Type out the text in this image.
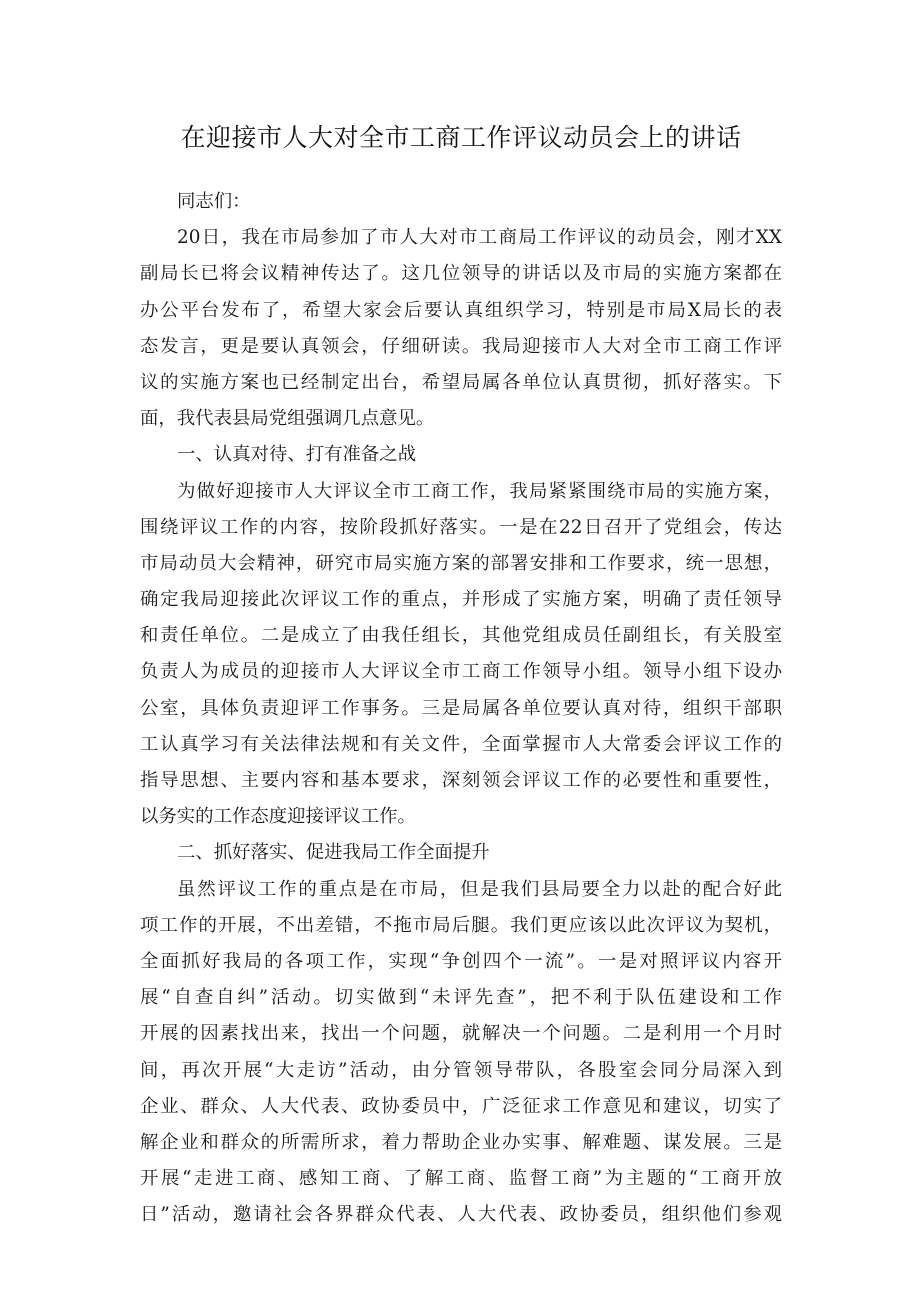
在迎接市人大对全市工商工作评议动员会上的讲话
同志们：
20日，我在市局参加了市人大对市工商局工作评议的动员会，刚才XX
副局长已将会议精神传达了。这几位领导的讲话以及市局的实施方案都在
办公平台发布了，希望大家会后要认真组织学习，特别是市局X局长的表
态发言，更是要认真领会，仔细研读。我局迎接市人大对全市工商工作评
议的实施方案也已经制定出台，希望局属各单位认真贯彻，抓好落实。下
面，我代表县局党组强调几点意见。
一、认真对待、打有准备之战
为做好迎接市人大评议全市工商工作，我局紧紧围绕市局的实施方案，
围绕评议工作的内容，按阶段抓好落实。一是在22日召开了党组会，传达
市局动员大会精神，研究市局实施方案的部署安排和工作要求，统一思想，
确定我局迎接此次评议工作的重点，并形成了实施方案，明确了责任领导
和责任单位。二是成立了由我任组长，其他党组成员任副组长，有关股室
负责人为成员的迎接市人大评议全市工商工作领导小组。领导小组下设办
公室，具体负责迎评工作事务。三是局属各单位要认真对待，组织干部职
工认真学习有关法律法规和有关文件，全面掌握市人大常委会评议工作的
指导思想、主要内容和基本要求，深刻领会评议工作的必要性和重要性，
以务实的工作态度迎接评议工作。
二、抓好落实、促进我局工作全面提升
虽然评议工作的重点是在市局，但是我们县局要全力以赴的配合好此
项工作的开展，不出差错，不拖市局后腿。我们更应该以此次评议为契机，
全面抓好我局的各项工作，实现“争创四个一流”。一是对照评议内容开
展“自查自纠”活动。切实做到“未评先查”，把不利于队伍建设和工作
开展的因素找出来，找出一个问题，就解决一个问题。二是利用一个月时
间，再次开展“大走访”活动，由分管领导带队，各股室会同分局深入到
企业、群众、人大代表、政协委员中，广泛征求工作意见和建议，切实了
解企业和群众的所需所求，着力帮助企业办实事、解难题、谋发展。三是
开展“走进工商、感知工商、了解工商、监督工商”为主题的“工商开放
日”活动，邀请社会各界群众代表、人大代表、政协委员，组织他们参观
